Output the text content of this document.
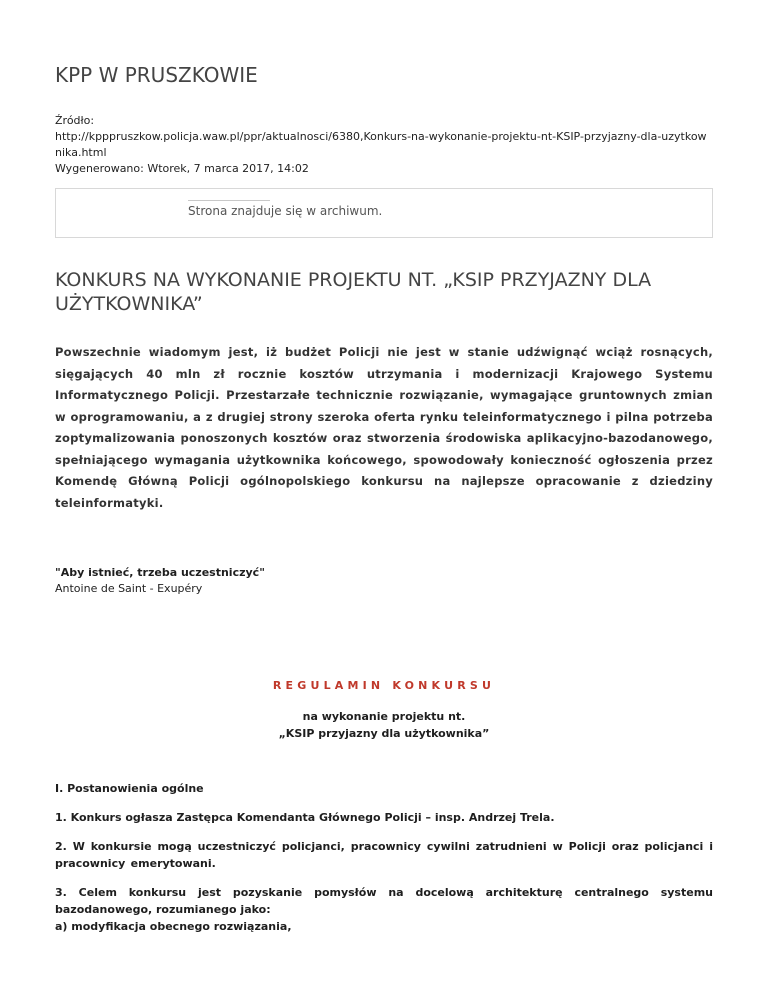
KPP W PRUSZKOWIE
Źródło:
http://kpppruszkow.policja.waw.pl/ppr/aktualnosci/6380,Konkurs-na-wykonanie-projektu-nt-KSIP-przyjazny-dla-uzytkownika.html
Wygenerowano: Wtorek, 7 marca 2017, 14:02
Strona znajduje się w archiwum.
KONKURS NA WYKONANIE PROJEKTU NT. „KSIP PRZYJAZNY DLA UŻYTKOWNIKA”

Powszechnie wiadomym jest, iż budżet Policji nie jest w stanie udźwignąć wciąż rosnących, sięgających 40 mln zł rocznie kosztów utrzymania i modernizacji Krajowego Systemu Informatycznego Policji. Przestarzałe technicznie rozwiązanie, wymagające gruntownych zmian w oprogramowaniu, a z drugiej strony szeroka oferta rynku teleinformatycznego i pilna potrzeba zoptymalizowania ponoszonych kosztów oraz stworzenia środowiska aplikacyjno-bazodanowego, spełniającego wymagania użytkownika końcowego, spowodowały konieczność ogłoszenia przez Komendę Główną Policji ogólnopolskiego konkursu na najlepsze opracowanie z dziedziny teleinformatyki.

"Aby istnieć, trzeba uczestniczyć"
Antoine de Saint - Exupéry
REGULAMIN KONKURSU
na wykonanie projektu nt.
„KSIP przyjazny dla użytkownika”

I. Postanowienia ogólne

1. Konkurs ogłasza Zastępca Komendanta Głównego Policji – insp. Andrzej Trela.

2. W konkursie mogą uczestniczyć policjanci, pracownicy cywilni zatrudnieni w Policji oraz policjanci i pracownicy emerytowani.

3. Celem konkursu jest pozyskanie pomysłów na docelową architekturę centralnego systemu bazodanowego, rozumianego jako:
a) modyfikacja obecnego rozwiązania,
